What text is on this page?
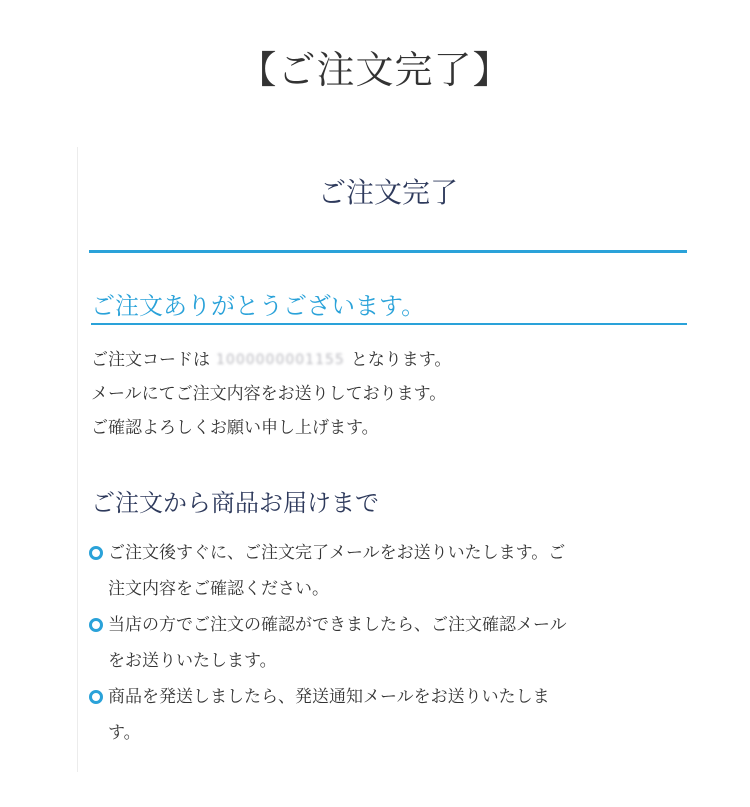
【ご注文完了】
ご注文完了
ご注文ありがとうございます。

ご注文コードは 1000000001155 となります。

メールにてご注文内容をお送りしております。

ご確認よろしくお願い申し上げます。

ご注文から商品お届けまで
ご注文後すぐに、ご注文完了メールをお送りいたします。ご
注文内容をご確認ください。
当店の方でご注文の確認ができましたら、ご注文確認メール
をお送りいたします。
商品を発送しましたら、発送通知メールをお送りいたしま
す。
